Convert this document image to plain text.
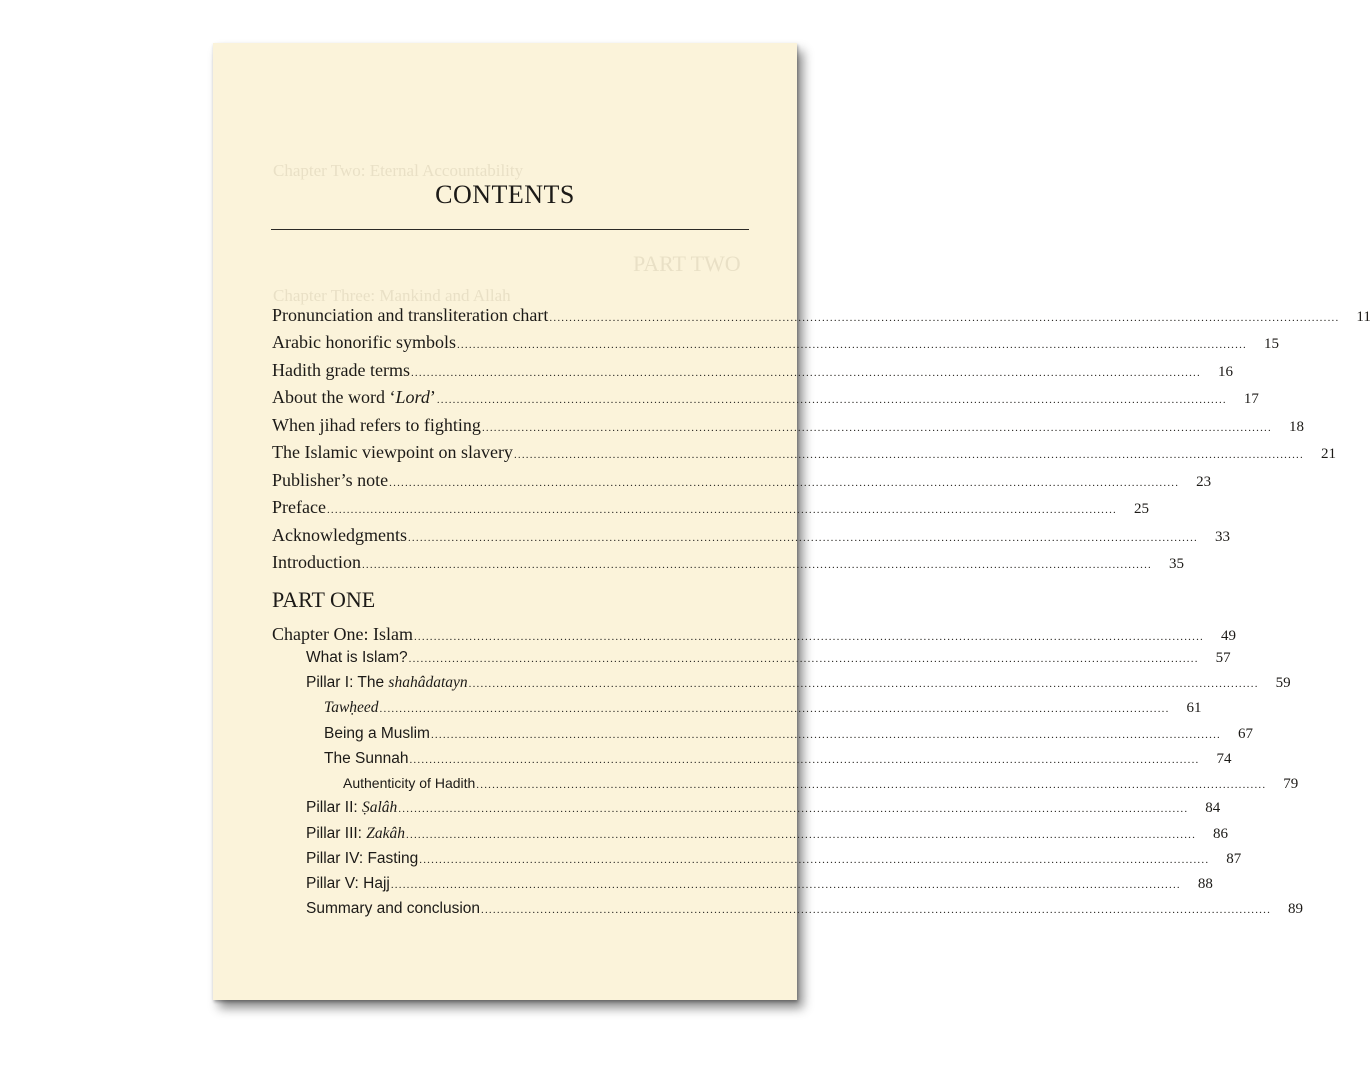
Chapter Two: Eternal Accountability
PART TWO
Chapter Three: Mankind and Allah
CONTENTS
Pronunciation and transliteration chart ........................................................................................................................................................................................................ 11
Arabic honorific symbols ........................................................................................................................................................................................................ 15
Hadith grade terms ........................................................................................................................................................................................................ 16
About the word ‘Lord’ ........................................................................................................................................................................................................ 17
When jihad refers to fighting ........................................................................................................................................................................................................ 18
The Islamic viewpoint on slavery ........................................................................................................................................................................................................ 21
Publisher’s note ........................................................................................................................................................................................................ 23
Preface ........................................................................................................................................................................................................ 25
Acknowledgments ........................................................................................................................................................................................................ 33
Introduction ........................................................................................................................................................................................................ 35
PART ONE
Chapter One: Islam ........................................................................................................................................................................................................ 49
What is Islam? ........................................................................................................................................................................................................ 57
Pillar I: The shahâdatayn ........................................................................................................................................................................................................ 59
Tawḥeed ........................................................................................................................................................................................................ 61
Being a Muslim ........................................................................................................................................................................................................ 67
The Sunnah ........................................................................................................................................................................................................ 74
Authenticity of Hadith ........................................................................................................................................................................................................ 79
Pillar II: Ṣalâh ........................................................................................................................................................................................................ 84
Pillar III: Zakâh ........................................................................................................................................................................................................ 86
Pillar IV: Fasting ........................................................................................................................................................................................................ 87
Pillar V: Hajj ........................................................................................................................................................................................................ 88
Summary and conclusion ........................................................................................................................................................................................................ 89
